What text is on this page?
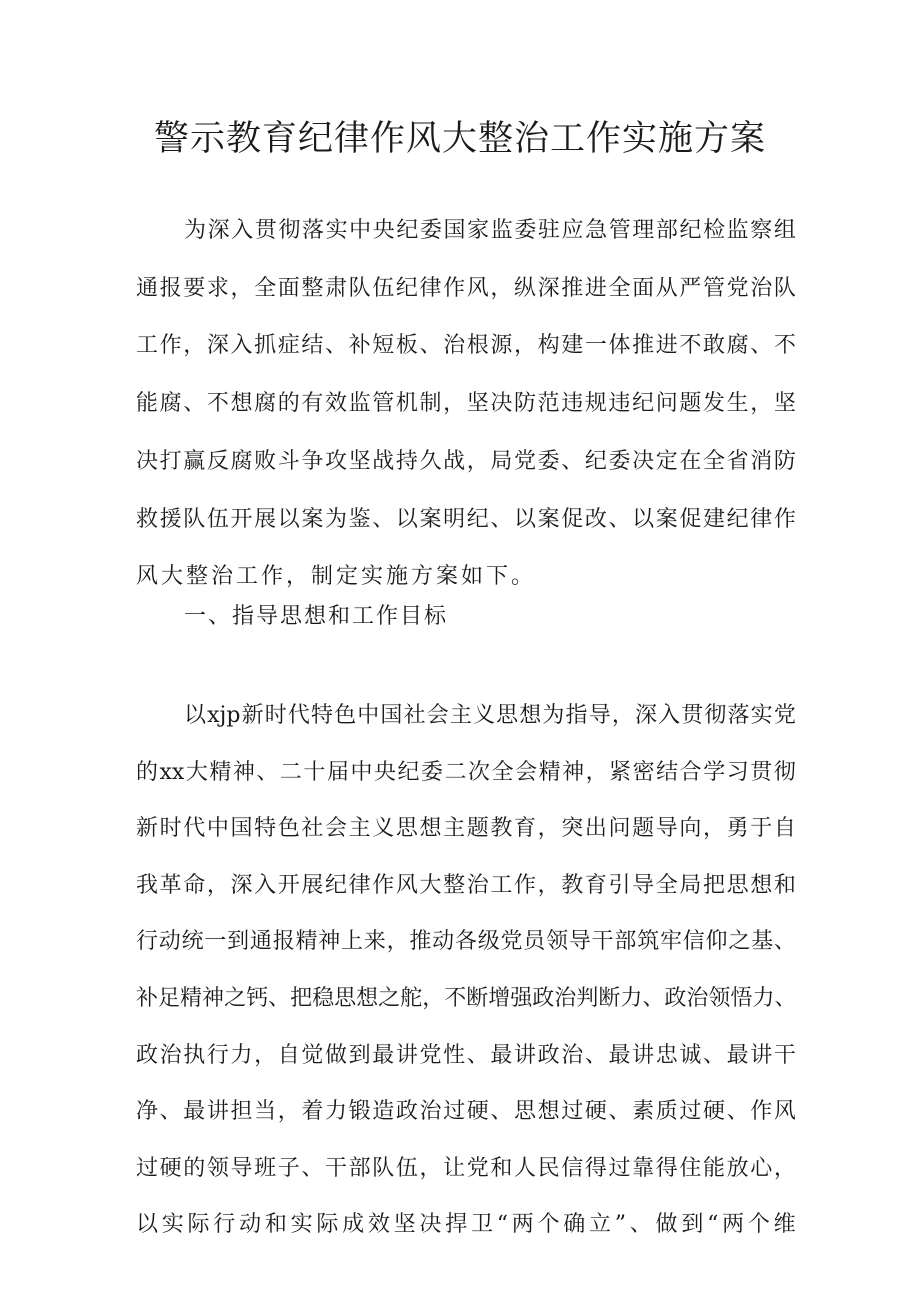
警示教育纪律作风大整治工作实施方案
为 深 入 贯 彻 落 实 中 央 纪 委 国 家 监 委 驻 应 急 管 理 部 纪 检 监 察 组
通 报 要 求 ， 全 面 整 肃 队 伍 纪 律 作 风 ， 纵 深 推 进 全 面 从 严 管 党 治 队
工 作 ， 深 入 抓 症 结 、 补 短 板 、 治 根 源 ， 构 建 一 体 推 进 不 敢 腐 、 不
能 腐 、 不 想 腐 的 有 效 监 管 机 制 ， 坚 决 防 范 违 规 违 纪 问 题 发 生 ， 坚
决 打 赢 反 腐 败 斗 争 攻 坚 战 持 久 战 ， 局 党 委 、 纪 委 决 定 在 全 省 消 防
救 援 队 伍 开 展 以 案 为 鉴 、 以 案 明 纪 、 以 案 促 改 、 以 案 促 建 纪 律 作
风大整治工作，制定实施方案如下。
一、指导思想和工作目标
以 xjp 新 时 代 特 色 中 国 社 会 主 义 思 想 为 指 导 ， 深 入 贯 彻 落 实 党
的 xx 大 精 神 、 二 十 届 中 央 纪 委 二 次 全 会 精 神 ， 紧 密 结 合 学 习 贯 彻
新 时 代 中 国 特 色 社 会 主 义 思 想 主 题 教 育 ， 突 出 问 题 导 向 ， 勇 于 自
我 革 命 ， 深 入 开 展 纪 律 作 风 大 整 治 工 作 ， 教 育 引 导 全 局 把 思 想 和
行 动 统 一 到 通 报 精 神 上 来 ， 推 动 各 级 党 员 领 导 干 部 筑 牢 信 仰 之 基 、
补 足 精 神 之 钙 、 把 稳 思 想 之 舵 ， 不 断 增 强 政 治 判 断 力 、 政 治 领 悟 力 、
政 治 执 行 力 ， 自 觉 做 到 最 讲 党 性 、 最 讲 政 治 、 最 讲 忠 诚 、 最 讲 干
净 、 最 讲 担 当 ， 着 力 锻 造 政 治 过 硬 、 思 想 过 硬 、 素 质 过 硬 、 作 风
过 硬 的 领 导 班 子 、 干 部 队 伍 ， 让 党 和 人 民 信 得 过 靠 得 住 能 放 心 ，
以 实 际 行 动 和 实 际 成 效 坚 决 捍 卫 “ 两 个 确 立 ” 、 做 到 “ 两 个 维
